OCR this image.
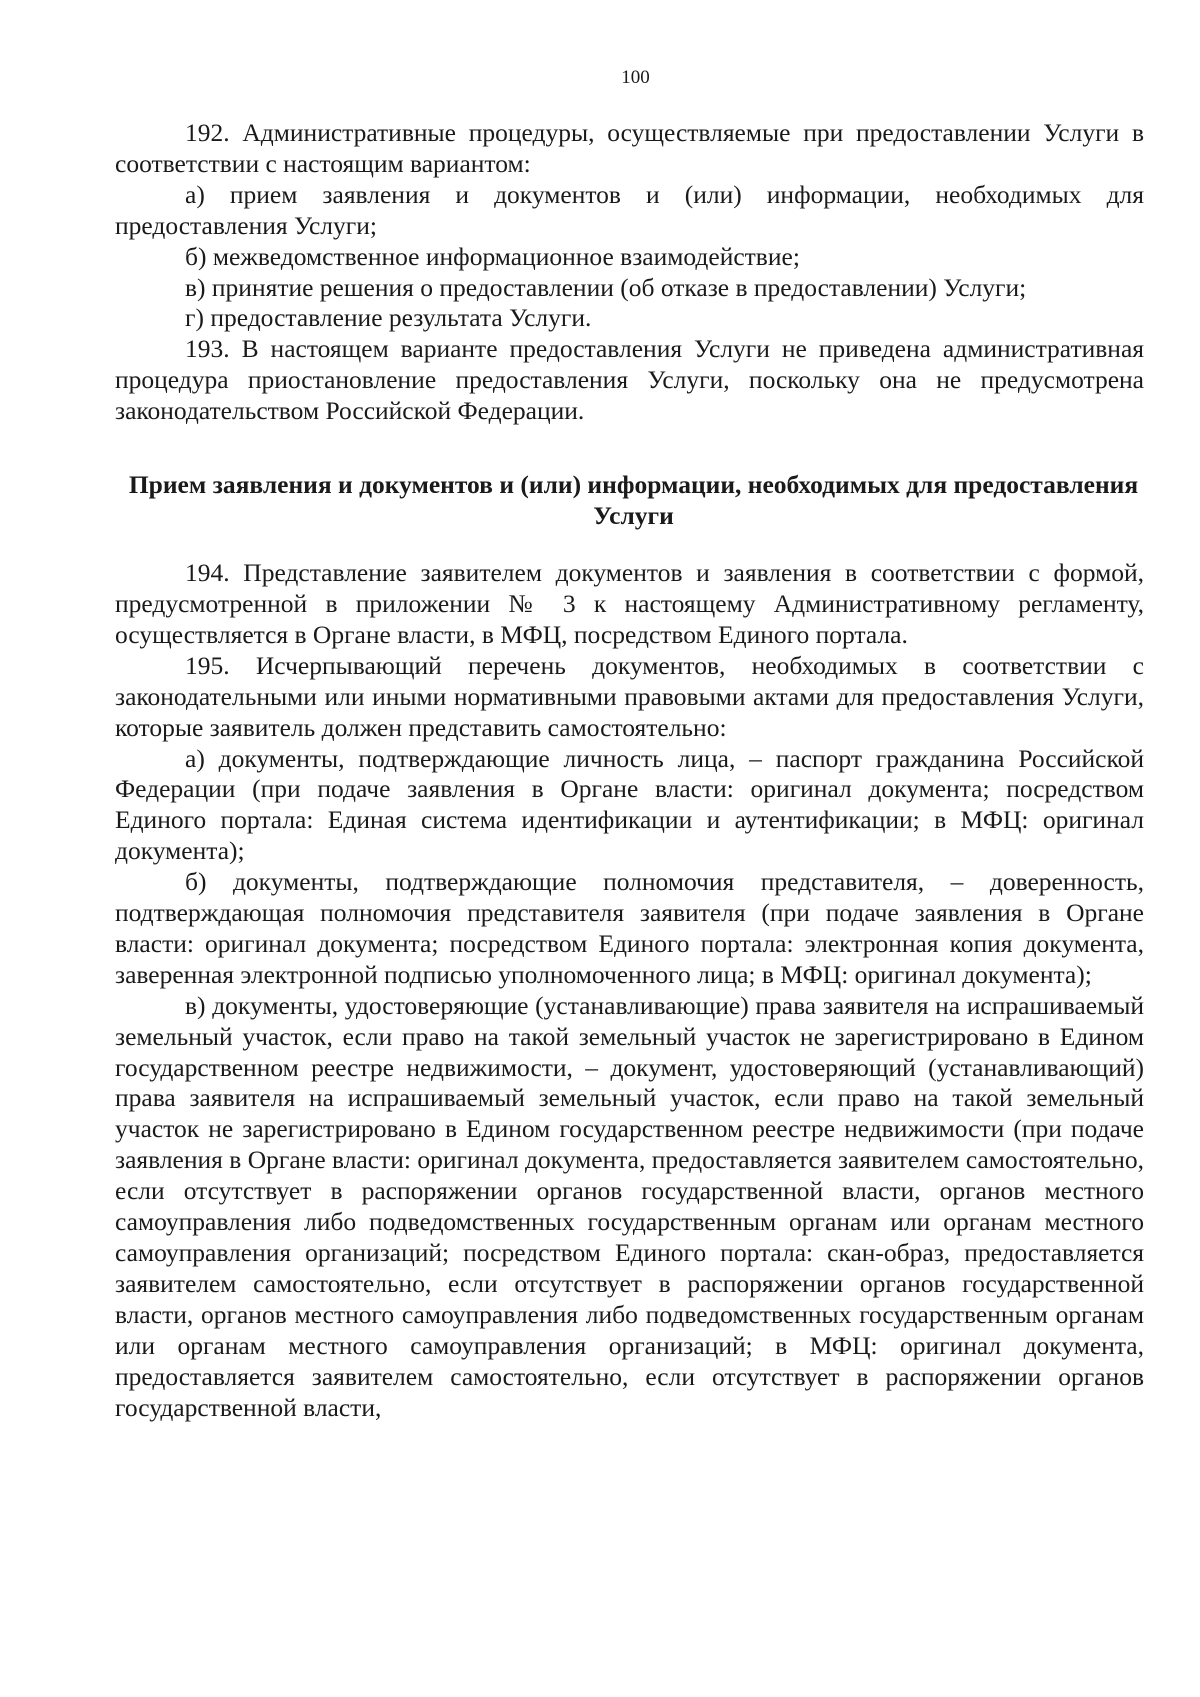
100

192. Административные процедуры, осуществляемые при предоставлении Услуги в соответствии с настоящим вариантом:

а) прием заявления и документов и (или) информации, необходимых для предоставления Услуги;

б) межведомственное информационное взаимодействие;

в) принятие решения о предоставлении (об отказе в предоставлении) Услуги;

г) предоставление результата Услуги.

193. В настоящем варианте предоставления Услуги не приведена административная процедура приостановление предоставления Услуги, поскольку она не предусмотрена законодательством Российской Федерации.

Прием заявления и документов и (или) информации, необходимых для предоставления Услуги

194. Представление заявителем документов и заявления в соответствии с формой, предусмотренной в приложении № 3 к настоящему Административному регламенту, осуществляется в Органе власти, в МФЦ, посредством Единого портала.

195. Исчерпывающий перечень документов, необходимых в соответствии с законодательными или иными нормативными правовыми актами для предоставления Услуги, которые заявитель должен представить самостоятельно:

а) документы, подтверждающие личность лица, – паспорт гражданина Российской Федерации (при подаче заявления в Органе власти: оригинал документа; посредством Единого портала: Единая система идентификации и аутентификации; в МФЦ: оригинал документа);

б) документы, подтверждающие полномочия представителя, – доверенность, подтверждающая полномочия представителя заявителя (при подаче заявления в Органе власти: оригинал документа; посредством Единого портала: электронная копия документа, заверенная электронной подписью уполномоченного лица; в МФЦ: оригинал документа);

в) документы, удостоверяющие (устанавливающие) права заявителя на испрашиваемый земельный участок, если право на такой земельный участок не зарегистрировано в Едином государственном реестре недвижимости, – документ, удостоверяющий (устанавливающий) права заявителя на испрашиваемый земельный участок, если право на такой земельный участок не зарегистрировано в Едином государственном реестре недвижимости (при подаче заявления в Органе власти: оригинал документа, предоставляется заявителем самостоятельно, если отсутствует в распоряжении органов государственной власти, органов местного самоуправления либо подведомственных государственным органам или органам местного самоуправления организаций; посредством Единого портала: скан-образ, предоставляется заявителем самостоятельно, если отсутствует в распоряжении органов государственной власти, органов местного самоуправления либо подведомственных государственным органам или органам местного самоуправления организаций; в МФЦ: оригинал документа, предоставляется заявителем самостоятельно, если отсутствует в распоряжении органов государственной власти,
